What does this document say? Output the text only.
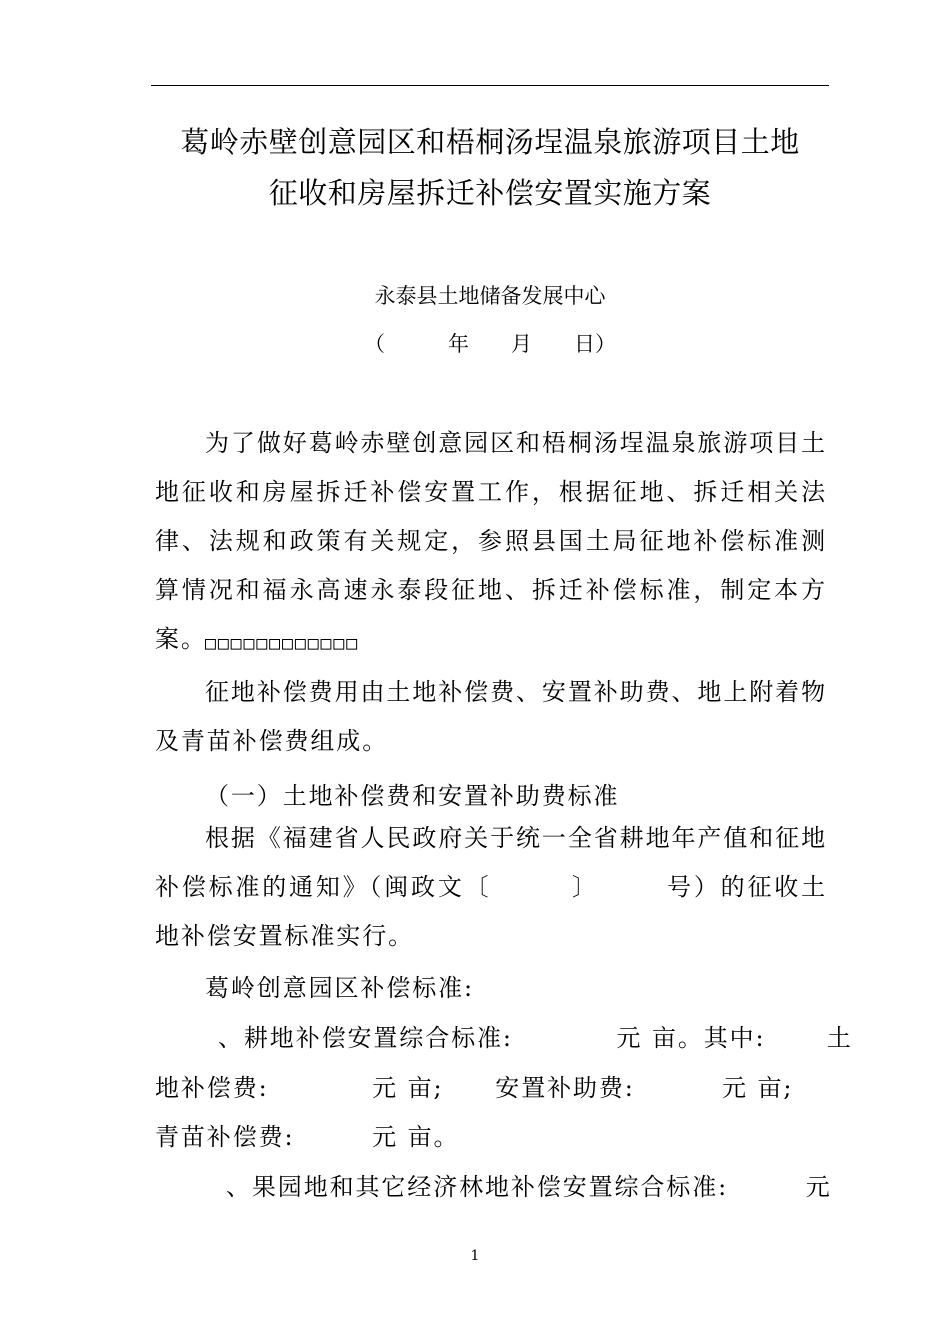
葛岭赤壁创意园区和梧桐汤埕温泉旅游项目土地
征收和房屋拆迁补偿安置实施方案
永泰县土地储备发展中心
（　　　年　　月　　日）
为了做好葛岭赤壁创意园区和梧桐汤埕温泉旅游项目土地征收和房屋拆迁补偿安置工作，根据征地、拆迁相关法律、法规和政策有关规定，参照县国土局征地补偿标准测算情况和福永高速永泰段征地、拆迁补偿标准，制定本方案。
□□□□□□□□□□□□
征地补偿费用由土地补偿费、安置补助费、地上附着物及青苗补偿费组成。
（一）土地补偿费和安置补助费标准
根据《福建省人民政府关于统一全省耕地年产值和征地补偿标准的通知》（闽政文〔　　　〕　　　号）的征收土地补偿安置标准实行。
葛岭创意园区补偿标准:
、耕地补偿安置综合标准:　　　　元 亩。其中:　　 土
地补偿费:　　　　元 亩;　　安置补助费:　　　 元 亩;
青苗补偿费:　　　元 亩。
、果园地和其它经济林地补偿安置综合标准:　　　元
1
